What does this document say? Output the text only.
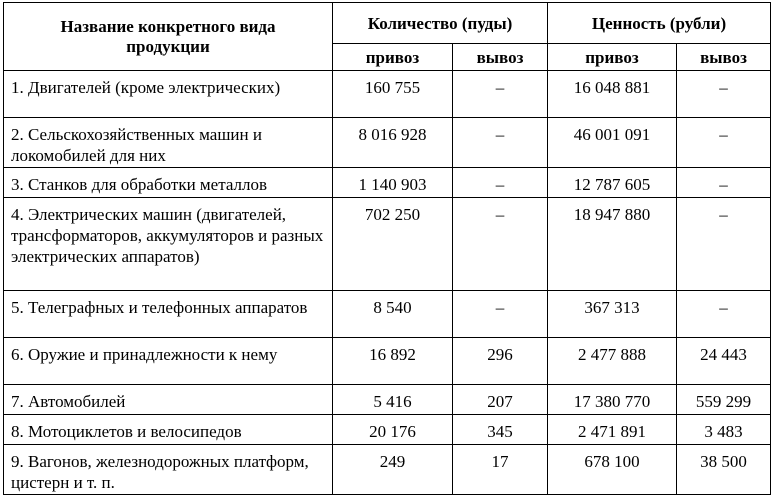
Название конкретного вида продукции	Количество (пуды)		Ценность (рубли)	
	привоз	вывоз	привоз	вывоз
1. Двигателей (кроме электрических)	160 755	–	16 048 881	–
2. Сельскохозяйственных машин и локомобилей для них	8 016 928	–	46 001 091	–
3. Станков для обработки металлов	1 140 903	–	12 787 605	–
4. Электрических машин (двигателей, трансформаторов, аккумуляторов и разных электрических аппаратов)	702 250	–	18 947 880	–
5. Телеграфных и телефонных аппаратов	8 540	–	367 313	–
6. Оружие и принадлежности к нему	16 892	296	2 477 888	24 443
7. Автомобилей	5 416	207	17 380 770	559 299
8. Мотоциклетов и велосипедов	20 176	345	2 471 891	3 483
9. Вагонов, железнодорожных платформ, цистерн и т. п.	249	17	678 100	38 500
